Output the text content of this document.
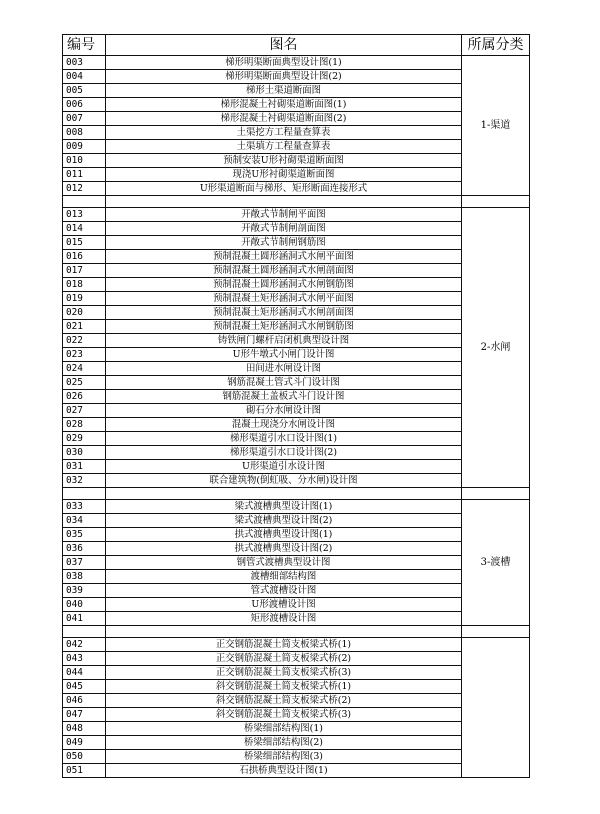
编号	图名	所属分类
003	梯形明渠断面典型设计图(1)	1-渠道
004	梯形明渠断面典型设计图(2)	
005	梯形土渠道断面图	
006	梯形混凝土衬砌渠道断面图(1)	
007	梯形混凝土衬砌渠道断面图(2)	
008	土渠挖方工程量查算表	
009	土渠填方工程量查算表	
010	预制安装U形衬砌渠道断面图	
011	现浇U形衬砌渠道断面图	
012	U形渠道断面与梯形、矩形断面连接形式	

013	开敞式节制闸平面图	2-水闸
014	开敞式节制闸剖面图	
015	开敞式节制闸钢筋图	
016	预制混凝土圆形涵洞式水闸平面图	
017	预制混凝土圆形涵洞式水闸剖面图	
018	预制混凝土圆形涵洞式水闸钢筋图	
019	预制混凝土矩形涵洞式水闸平面图	
020	预制混凝土矩形涵洞式水闸剖面图	
021	预制混凝土矩形涵洞式水闸钢筋图	
022	铸铁闸门螺杆启闭机典型设计图	
023	U形牛墩式小闸门设计图	
024	田间进水闸设计图	
025	钢筋混凝土管式斗门设计图	
026	钢筋混凝土盖板式斗门设计图	
027	砌石分水闸设计图	
028	混凝土现浇分水闸设计图	
029	梯形渠道引水口设计图(1)	
030	梯形渠道引水口设计图(2)	
031	U形渠道引水设计图	
032	联合建筑物(倒虹吸、分水闸)设计图	

033	梁式渡槽典型设计图(1)	3-渡槽
034	梁式渡槽典型设计图(2)	
035	拱式渡槽典型设计图(1)	
036	拱式渡槽典型设计图(2)	
037	钢管式渡槽典型设计图	
038	渡槽细部结构图	
039	管式渡槽设计图	
040	U形渡槽设计图	
041	矩形渡槽设计图	

042	正交钢筋混凝土简支板梁式桥(1)	
043	正交钢筋混凝土简支板梁式桥(2)	
044	正交钢筋混凝土简支板梁式桥(3)	
045	斜交钢筋混凝土简支板梁式桥(1)	
046	斜交钢筋混凝土简支板梁式桥(2)	
047	斜交钢筋混凝土简支板梁式桥(3)	
048	桥梁细部结构图(1)	
049	桥梁细部结构图(2)	
050	桥梁细部结构图(3)	
051	石拱桥典型设计图(1)	
